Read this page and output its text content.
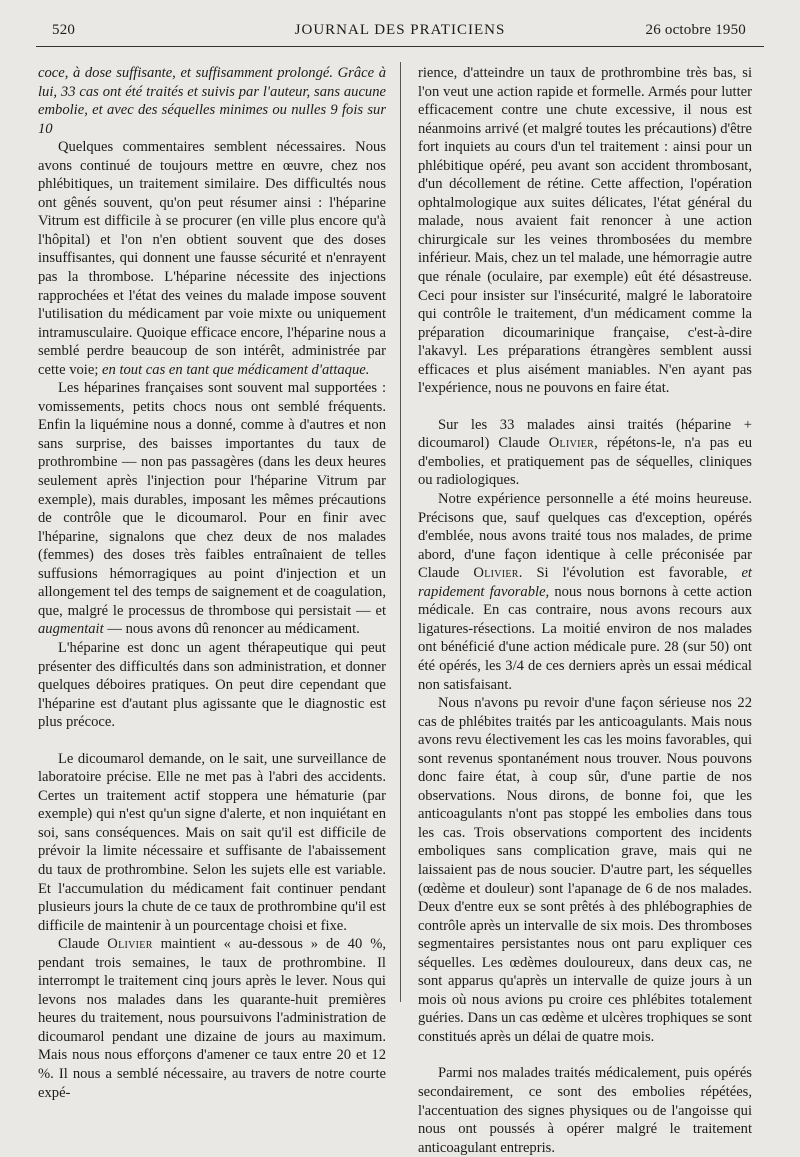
520	JOURNAL DES PRATICIENS	26 octobre 1950

coce, à dose suffisante, et suffisamment prolongé. Grâce à lui, 33 cas ont été traités et suivis par l'auteur, sans aucune embolie, et avec des séquelles minimes ou nulles 9 fois sur 10

Quelques commentaires semblent nécessaires. Nous avons continué de toujours mettre en œuvre, chez nos phlébitiques, un traitement similaire. Des difficultés nous ont gênés souvent, qu'on peut résumer ainsi : l'héparine Vitrum est difficile à se procurer (en ville plus encore qu'à l'hôpital) et l'on n'en obtient souvent que des doses insuffisantes, qui donnent une fausse sécurité et n'enrayent pas la thrombose. L'héparine nécessite des injections rapprochées et l'état des veines du malade impose souvent l'utilisation du médicament par voie mixte ou uniquement intramusculaire. Quoique efficace encore, l'héparine nous a semblé perdre beaucoup de son intérêt, administrée par cette voie; en tout cas en tant que médicament d'attaque.

Les héparines françaises sont souvent mal supportées : vomissements, petits chocs nous ont semblé fréquents. Enfin la liquémine nous a donné, comme à d'autres et non sans surprise, des baisses importantes du taux de prothrombine — non pas passagères (dans les deux heures seulement après l'injection pour l'héparine Vitrum par exemple), mais durables, imposant les mêmes précautions de contrôle que le dicoumarol. Pour en finir avec l'héparine, signalons que chez deux de nos malades (femmes) des doses très faibles entraînaient de telles suffusions hémorragiques au point d'injection et un allongement tel des temps de saignement et de coagulation, que, malgré le processus de thrombose qui persistait — et augmentait — nous avons dû renoncer au médicament.

L'héparine est donc un agent thérapeutique qui peut présenter des difficultés dans son administration, et donner quelques déboires pratiques. On peut dire cependant que l'héparine est d'autant plus agissante que le diagnostic est plus précoce.

Le dicoumarol demande, on le sait, une surveillance de laboratoire précise. Elle ne met pas à l'abri des accidents. Certes un traitement actif stoppera une hématurie (par exemple) qui n'est qu'un signe d'alerte, et non inquiétant en soi, sans conséquences. Mais on sait qu'il est difficile de prévoir la limite nécessaire et suffisante de l'abaissement du taux de prothrombine. Selon les sujets elle est variable. Et l'accumulation du médicament fait continuer pendant plusieurs jours la chute de ce taux de prothrombine qu'il est difficile de maintenir à un pourcentage choisi et fixe.

Claude Olivier maintient « au-dessous » de 40 %, pendant trois semaines, le taux de prothrombine. Il interrompt le traitement cinq jours après le lever. Nous qui levons nos malades dans les quarante-huit premières heures du traitement, nous poursuivons l'administration de dicoumarol pendant une dizaine de jours au maximum. Mais nous nous efforçons d'amener ce taux entre 20 et 12 %. Il nous a semblé nécessaire, au travers de notre courte expé-

rience, d'atteindre un taux de prothrombine très bas, si l'on veut une action rapide et formelle. Armés pour lutter efficacement contre une chute excessive, il nous est néanmoins arrivé (et malgré toutes les précautions) d'être fort inquiets au cours d'un tel traitement : ainsi pour un phlébitique opéré, peu avant son accident thrombosant, d'un décollement de rétine. Cette affection, l'opération ophtalmologique aux suites délicates, l'état général du malade, nous avaient fait renoncer à une action chirurgicale sur les veines thrombosées du membre inférieur. Mais, chez un tel malade, une hémorragie autre que rénale (oculaire, par exemple) eût été désastreuse. Ceci pour insister sur l'insécurité, malgré le laboratoire qui contrôle le traitement, d'un médicament comme la préparation dicoumarinique française, c'est-à-dire l'akavyl. Les préparations étrangères semblent aussi efficaces et plus aisément maniables. N'en ayant pas l'expérience, nous ne pouvons en faire état.

Sur les 33 malades ainsi traités (héparine + dicoumarol) Claude Olivier, répétons-le, n'a pas eu d'embolies, et pratiquement pas de séquelles, cliniques ou radiologiques.

Notre expérience personnelle a été moins heureuse. Précisons que, sauf quelques cas d'exception, opérés d'emblée, nous avons traité tous nos malades, de prime abord, d'une façon identique à celle préconisée par Claude Olivier. Si l'évolution est favorable, et rapidement favorable, nous nous bornons à cette action médicale. En cas contraire, nous avons recours aux ligatures-résections. La moitié environ de nos malades ont bénéficié d'une action médicale pure. 28 (sur 50) ont été opérés, les 3/4 de ces derniers après un essai médical non satisfaisant.

Nous n'avons pu revoir d'une façon sérieuse nos 22 cas de phlébites traités par les anticoagulants. Mais nous avons revu électivement les cas les moins favorables, qui sont revenus spontanément nous trouver. Nous pouvons donc faire état, à coup sûr, d'une partie de nos observations. Nous dirons, de bonne foi, que les anticoagulants n'ont pas stoppé les embolies dans tous les cas. Trois observations comportent des incidents emboliques sans complication grave, mais qui ne laissaient pas de nous soucier. D'autre part, les séquelles (œdème et douleur) sont l'apanage de 6 de nos malades. Deux d'entre eux se sont prêtés à des phlébographies de contrôle après un intervalle de six mois. Des thromboses segmentaires persistantes nous ont paru expliquer ces séquelles. Les œdèmes douloureux, dans deux cas, ne sont apparus qu'après un intervalle de quize jours à un mois où nous avions pu croire ces phlébites totalement guéries. Dans un cas œdème et ulcères trophiques se sont constitués après un délai de quatre mois.

Parmi nos malades traités médicalement, puis opérés secondairement, ce sont des embolies répétées, l'accentuation des signes physiques ou de l'angoisse qui nous ont poussés à opérer malgré le traitement anticoagulant entrepris.
